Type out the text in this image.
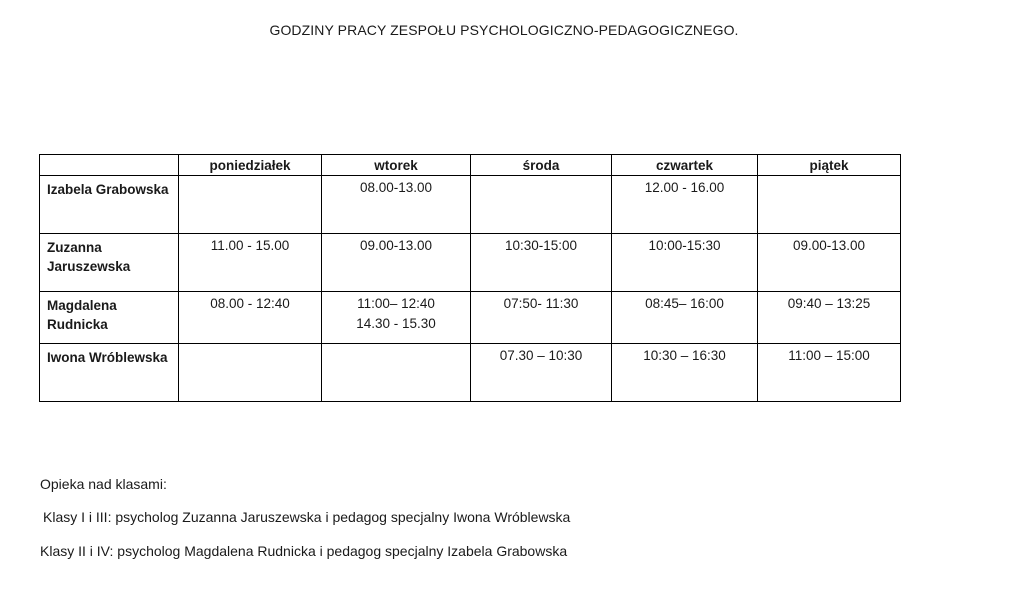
GODZINY PRACY ZESPOŁU PSYCHOLOGICZNO-PEDAGOGICZNEGO.
	poniedziałek	wtorek	środa	czwartek	piątek
Izabela Grabowska		08.00-13.00		12.00 - 16.00	

Zuzanna Jaruszewska	11.00 - 15.00	09.00-13.00	10:30-15:00	10:00-15:30	09.00-13.00

Magdalena Rudnicka	08.00 - 12:40	11:00– 12:40
14.30 - 15.30	07:50- 11:30	08:45– 16:00	09:40 – 13:25

Iwona Wróblewska			07.30 – 10:30	10:30 – 16:30	11:00 – 15:00
Opieka nad klasami:
Klasy I i III: psycholog Zuzanna Jaruszewska i pedagog specjalny Iwona Wróblewska
Klasy II i IV: psycholog Magdalena Rudnicka i pedagog specjalny Izabela Grabowska
